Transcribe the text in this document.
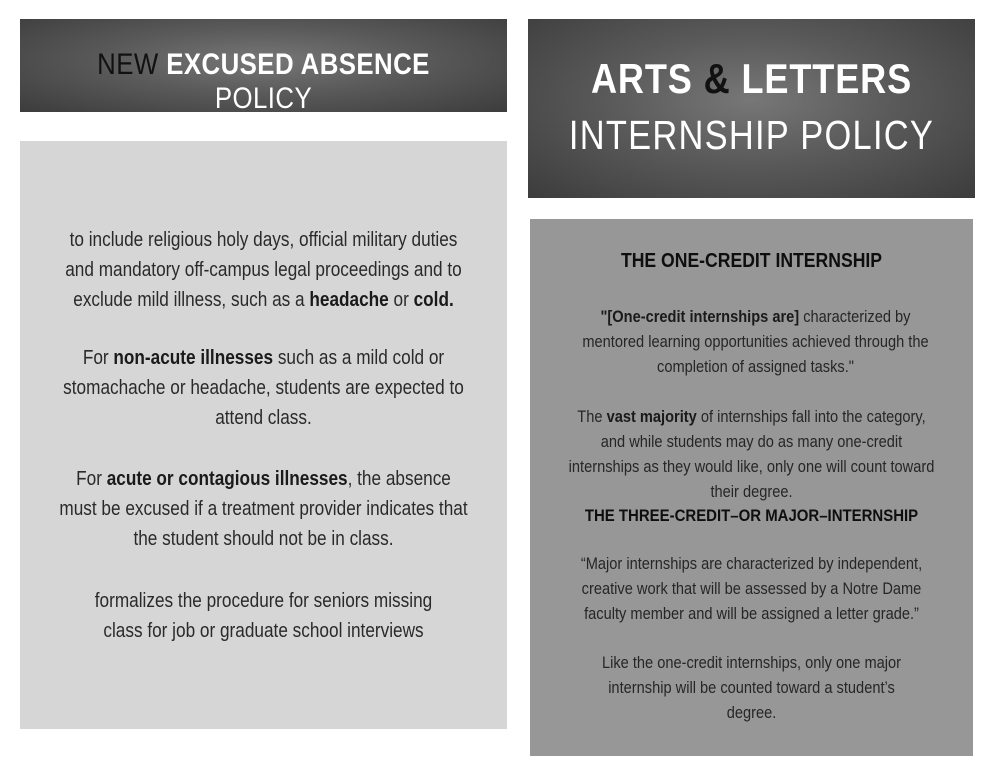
NEW EXCUSED ABSENCE POLICY	ARTS & LETTERS
INTERNSHIP POLICY
to include religious holy days, official military duties and mandatory off-campus legal proceedings and to exclude mild illness, such as a headache or cold.
For non-acute illnesses such as a mild cold or stomachache or headache, students are expected to attend class.
For acute or contagious illnesses, the absence must be excused if a treatment provider indicates that the student should not be in class.
formalizes the procedure for seniors missing class for job or graduate school interviews
THE ONE-CREDIT INTERNSHIP
"[One-credit internships are] characterized by mentored learning opportunities achieved through the completion of assigned tasks."
The vast majority of internships fall into the category, and while students may do as many one-credit internships as they would like, only one will count toward their degree.
THE THREE-CREDIT–OR MAJOR–INTERNSHIP
“Major internships are characterized by independent, creative work that will be assessed by a Notre Dame faculty member and will be assigned a letter grade.”
Like the one-credit internships, only one major internship will be counted toward a student’s degree.
